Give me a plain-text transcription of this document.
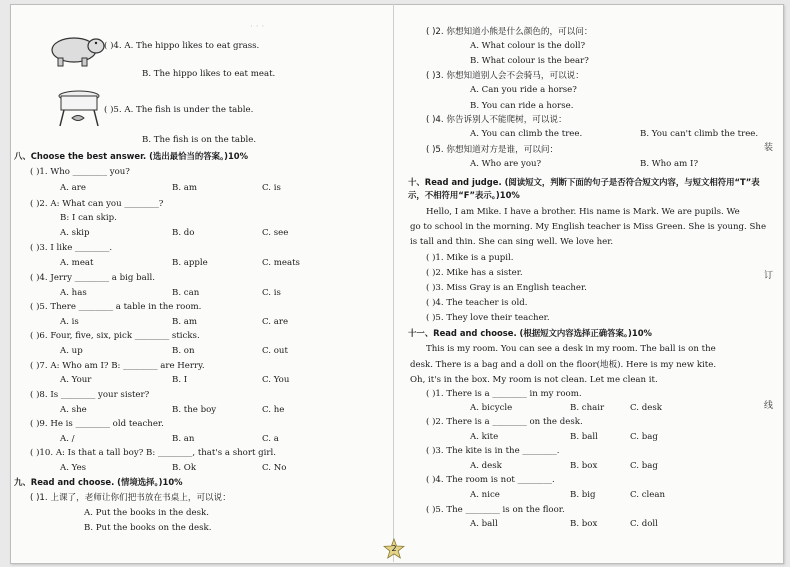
· · ·
( )4. A. The hippo likes to eat grass.
B. The hippo likes to eat meat.
( )5. A. The fish is under the table.
B. The fish is on the table.
八、Choose the best answer. (选出最恰当的答案。)10%
( )1. Who ________ you?
A. are	B. am	C. is
( )2. A: What can you ________?
B: I can skip.
A. skip	B. do	C. see
( )3. I like ________.
A. meat	B. apple	C. meats
( )4. Jerry ________ a big ball.
A. has	B. can	C. is
( )5. There ________ a table in the room.
A. is	B. am	C. are
( )6. Four, five, six, pick ________ sticks.
A. up	B. on	C. out
( )7. A: Who am I? B: ________ are Herry.
A. Your	B. I	C. You
( )8. Is ________ your sister?
A. she	B. the boy	C. he
( )9. He is ________ old teacher.
A. /	B. an	C. a
( )10. A: Is that a tall boy? B: ________, that's a short girl.
A. Yes	B. Ok	C. No
九、Read and choose. (情境选择。)10%
( )1. 上课了，老师让你们把书放在书桌上，可以说：
A. Put the books in the desk.
B. Put the books on the desk.
( )2. 你想知道小熊是什么颜色的，可以问：
A. What colour is the doll?
B. What colour is the bear?
( )3. 你想知道别人会不会骑马，可以说：
A. Can you ride a horse?
B. You can ride a horse.
( )4. 你告诉别人不能爬树，可以说：
A. You can climb the tree.	B. You can't climb the tree.
( )5. 你想知道对方是谁，可以问：
A. Who are you?	B. Who am I?
十、Read and judge. (阅读短文，判断下面的句子是否符合短文内容，与短文相符用“T”表示，不相符用“F”表示。)10%
Hello, I am Mike. I have a brother. His name is Mark. We are pupils. We
go to school in the morning. My English teacher is Miss Green. She is young. She
is tall and thin. She can sing well. We love her.
( )1. Mike is a pupil.
( )2. Mike has a sister.
( )3. Miss Gray is an English teacher.
( )4. The teacher is old.
( )5. They love their teacher.
十一、Read and choose. (根据短文内容选择正确答案。)10%
This is my room. You can see a desk in my room. The ball is on the
desk. There is a bag and a doll on the floor(地板). Here is my new kite.
Oh, it's in the box. My room is not clean. Let me clean it.
( )1. There is a ________ in my room.
A. bicycle	B. chair	C. desk
( )2. There is a ________ on the desk.
A. kite	B. ball	C. bag
( )3. The kite is in the ________.
A. desk	B. box	C. bag
( )4. The room is not ________.
A. nice	B. big	C. clean
( )5. The ________ is on the floor.
A. ball	B. box	C. doll
装
订
线
2
